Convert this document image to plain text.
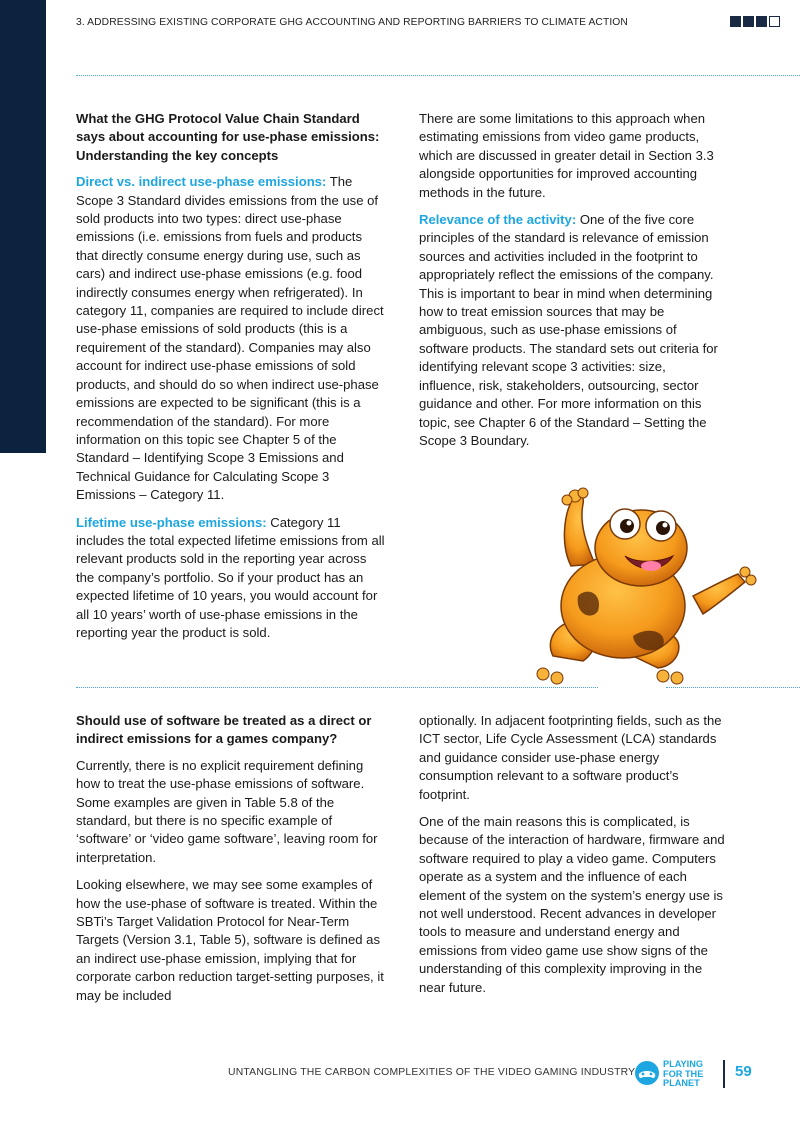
3. ADDRESSING EXISTING CORPORATE GHG ACCOUNTING AND REPORTING BARRIERS TO CLIMATE ACTION
What the GHG Protocol Value Chain Standard says about accounting for use-phase emissions: Understanding the key concepts

Direct vs. indirect use-phase emissions: The Scope 3 Standard divides emissions from the use of sold products into two types: direct use-phase emissions (i.e. emissions from fuels and products that directly consume energy during use, such as cars) and indirect use-phase emissions (e.g. food indirectly consumes energy when refrigerated). In category 11, companies are required to include direct use-phase emissions of sold products (this is a requirement of the standard). Companies may also account for indirect use-phase emissions of sold products, and should do so when indirect use-phase emissions are expected to be significant (this is a recommendation of the standard). For more information on this topic see Chapter 5 of the Standard – Identifying Scope 3 Emissions and Technical Guidance for Calculating Scope 3 Emissions – Category 11.

Lifetime use-phase emissions: Category 11 includes the total expected lifetime emissions from all relevant products sold in the reporting year across the company’s portfolio. So if your product has an expected lifetime of 10 years, you would account for all 10 years’ worth of use-phase emissions in the reporting year the product is sold.

There are some limitations to this approach when estimating emissions from video game products, which are discussed in greater detail in Section 3.3 alongside opportunities for improved accounting methods in the future.

Relevance of the activity: One of the five core principles of the standard is relevance of emission sources and activities included in the footprint to appropriately reflect the emissions of the company. This is important to bear in mind when determining how to treat emission sources that may be ambiguous, such as use-phase emissions of software products. The standard sets out criteria for identifying relevant scope 3 activities: size, influence, risk, stakeholders, outsourcing, sector guidance and other. For more information on this topic, see Chapter 6 of the Standard – Setting the Scope 3 Boundary.

Should use of software be treated as a direct or indirect emissions for a games company?

Currently, there is no explicit requirement defining how to treat the use-phase emissions of software. Some examples are given in Table 5.8 of the standard, but there is no specific example of ‘software’ or ‘video game software’, leaving room for interpretation.

Looking elsewhere, we may see some examples of how the use-phase of software is treated. Within the SBTi’s Target Validation Protocol for Near-Term Targets (Version 3.1, Table 5), software is defined as an indirect use-phase emission, implying that for corporate carbon reduction target-setting purposes, it may be included

optionally. In adjacent footprinting fields, such as the ICT sector, Life Cycle Assessment (LCA) standards and guidance consider use-phase energy consumption relevant to a software product’s footprint.

One of the main reasons this is complicated, is because of the interaction of hardware, firmware and software required to play a video game. Computers operate as a system and the influence of each element of the system on the system’s energy use is not well understood. Recent advances in developer tools to measure and understand energy and emissions from video game use show signs of the understanding of this complexity improving in the near future.

UNTANGLING THE CARBON COMPLEXITIES OF THE VIDEO GAMING INDUSTRY
PLAYING
FOR THE
PLANET
59
